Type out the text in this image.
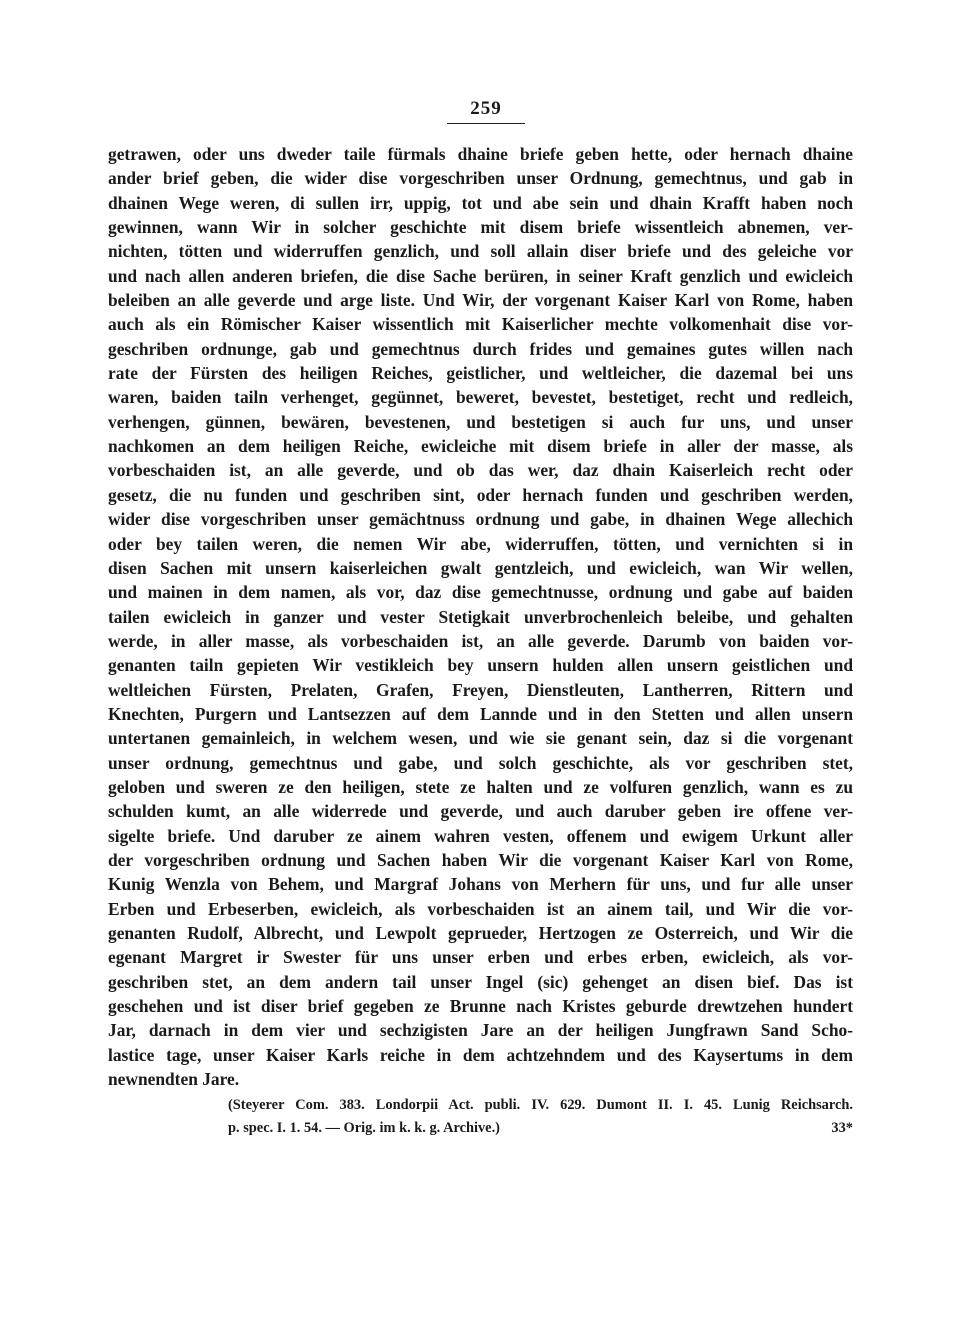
259
getrawen, oder uns dweder taile fürmals dhaine briefe geben hette, oder hernach dhaine
ander brief geben, die wider dise vorgeschriben unser Ordnung, gemechtnus, und gab in
dhainen Wege weren, di sullen irr, uppig, tot und abe sein und dhain Krafft haben noch
gewinnen, wann Wir in solcher geschichte mit disem briefe wissentleich abnemen, ver-
nichten, tötten und widerruffen genzlich, und soll allain diser briefe und des geleiche vor
und nach allen anderen briefen, die dise Sache berüren, in seiner Kraft genzlich und ewicleich
beleiben an alle geverde und arge liste. Und Wir, der vorgenant Kaiser Karl von Rome, haben
auch als ein Römischer Kaiser wissentlich mit Kaiserlicher mechte volkomenhait dise vor-
geschriben ordnunge, gab und gemechtnus durch frides und gemaines gutes willen nach
rate der Fürsten des heiligen Reiches, geistlicher, und weltleicher, die dazemal bei uns
waren, baiden tailn verhenget, gegünnet, beweret, bevestet, bestetiget, recht und redleich,
verhengen, günnen, bewären, bevestenen, und bestetigen si auch fur uns, und unser
nachkomen an dem heiligen Reiche, ewicleiche mit disem briefe in aller der masse, als
vorbeschaiden ist, an alle geverde, und ob das wer, daz dhain Kaiserleich recht oder
gesetz, die nu funden und geschriben sint, oder hernach funden und geschriben werden,
wider dise vorgeschriben unser gemächtnuss ordnung und gabe, in dhainen Wege allechich
oder bey tailen weren, die nemen Wir abe, widerruffen, tötten, und vernichten si in
disen Sachen mit unsern kaiserleichen gwalt gentzleich, und ewicleich, wan Wir wellen,
und mainen in dem namen, als vor, daz dise gemechtnusse, ordnung und gabe auf baiden
tailen ewicleich in ganzer und vester Stetigkait unverbrochenleich beleibe, und gehalten
werde, in aller masse, als vorbeschaiden ist, an alle geverde. Darumb von baiden vor-
genanten tailn gepieten Wir vestikleich bey unsern hulden allen unsern geistlichen und
weltleichen Fürsten, Prelaten, Grafen, Freyen, Dienstleuten, Lantherren, Rittern und
Knechten, Purgern und Lantsezzen auf dem Lannde und in den Stetten und allen unsern
untertanen gemainleich, in welchem wesen, und wie sie genant sein, daz si die vorgenant
unser ordnung, gemechtnus und gabe, und solch geschichte, als vor geschriben stet,
geloben und sweren ze den heiligen, stete ze halten und ze volfuren genzlich, wann es zu
schulden kumt, an alle widerrede und geverde, und auch daruber geben ire offene ver-
sigelte briefe. Und daruber ze ainem wahren vesten, offenem und ewigem Urkunt aller
der vorgeschriben ordnung und Sachen haben Wir die vorgenant Kaiser Karl von Rome,
Kunig Wenzla von Behem, und Margraf Johans von Merhern für uns, und fur alle unser
Erben und Erbeserben, ewicleich, als vorbeschaiden ist an ainem tail, und Wir die vor-
genanten Rudolf, Albrecht, und Lewpolt geprueder, Hertzogen ze Osterreich, und Wir die
egenant Margret ir Swester für uns unser erben und erbes erben, ewicleich, als vor-
geschriben stet, an dem andern tail unser Ingel (sic) gehenget an disen bief. Das ist
geschehen und ist diser brief gegeben ze Brunne nach Kristes geburde drewtzehen hundert
Jar, darnach in dem vier und sechzigisten Jare an der heiligen Jungfrawn Sand Scho-
lastice tage, unser Kaiser Karls reiche in dem achtzehndem und des Kaysertums in dem
newnendten Jare.
(Steyerer Com. 383. Londorpii Act. publi. IV. 629. Dumont II. I. 45. Lunig Reichsarch.
p. spec. I. 1. 54. — Orig. im k. k. g. Archive.)	33*
